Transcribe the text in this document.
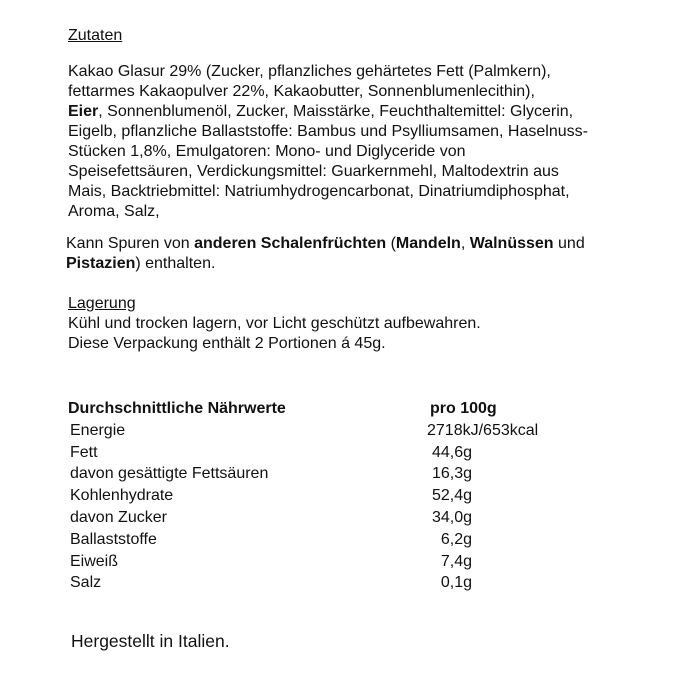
Zutaten
Kakao Glasur 29% (Zucker, pflanzliches gehärtetes Fett (Palmkern),
fettarmes Kakaopulver 22%, Kakaobutter, Sonnenblumenlecithin),
Eier, Sonnenblumenöl, Zucker, Maisstärke, Feuchthaltemittel: Glycerin,
Eigelb, pflanzliche Ballaststoffe: Bambus und Psylliumsamen, Haselnuss-
Stücken 1,8%, Emulgatoren: Mono- und Diglyceride von
Speisefettsäuren, Verdickungsmittel: Guarkernmehl, Maltodextrin aus
Mais, Backtriebmittel: Natriumhydrogencarbonat, Dinatriumdiphosphat,
Aroma, Salz,
Kann Spuren von anderen Schalenfrüchten (Mandeln, Walnüssen und
Pistazien) enthalten.
Lagerung
Kühl und trocken lagern, vor Licht geschützt aufbewahren.
Diese Verpackung enthält 2 Portionen á 45g.
Durchschnittliche Nährwerte	pro 100g
Energie	2718kJ/653kcal
Fett	44,6g
davon gesättigte Fettsäuren	16,3g
Kohlenhydrate	52,4g
davon Zucker	34,0g
Ballaststoffe	6,2g
Eiweiß	7,4g
Salz	0,1g
Hergestellt in Italien.
